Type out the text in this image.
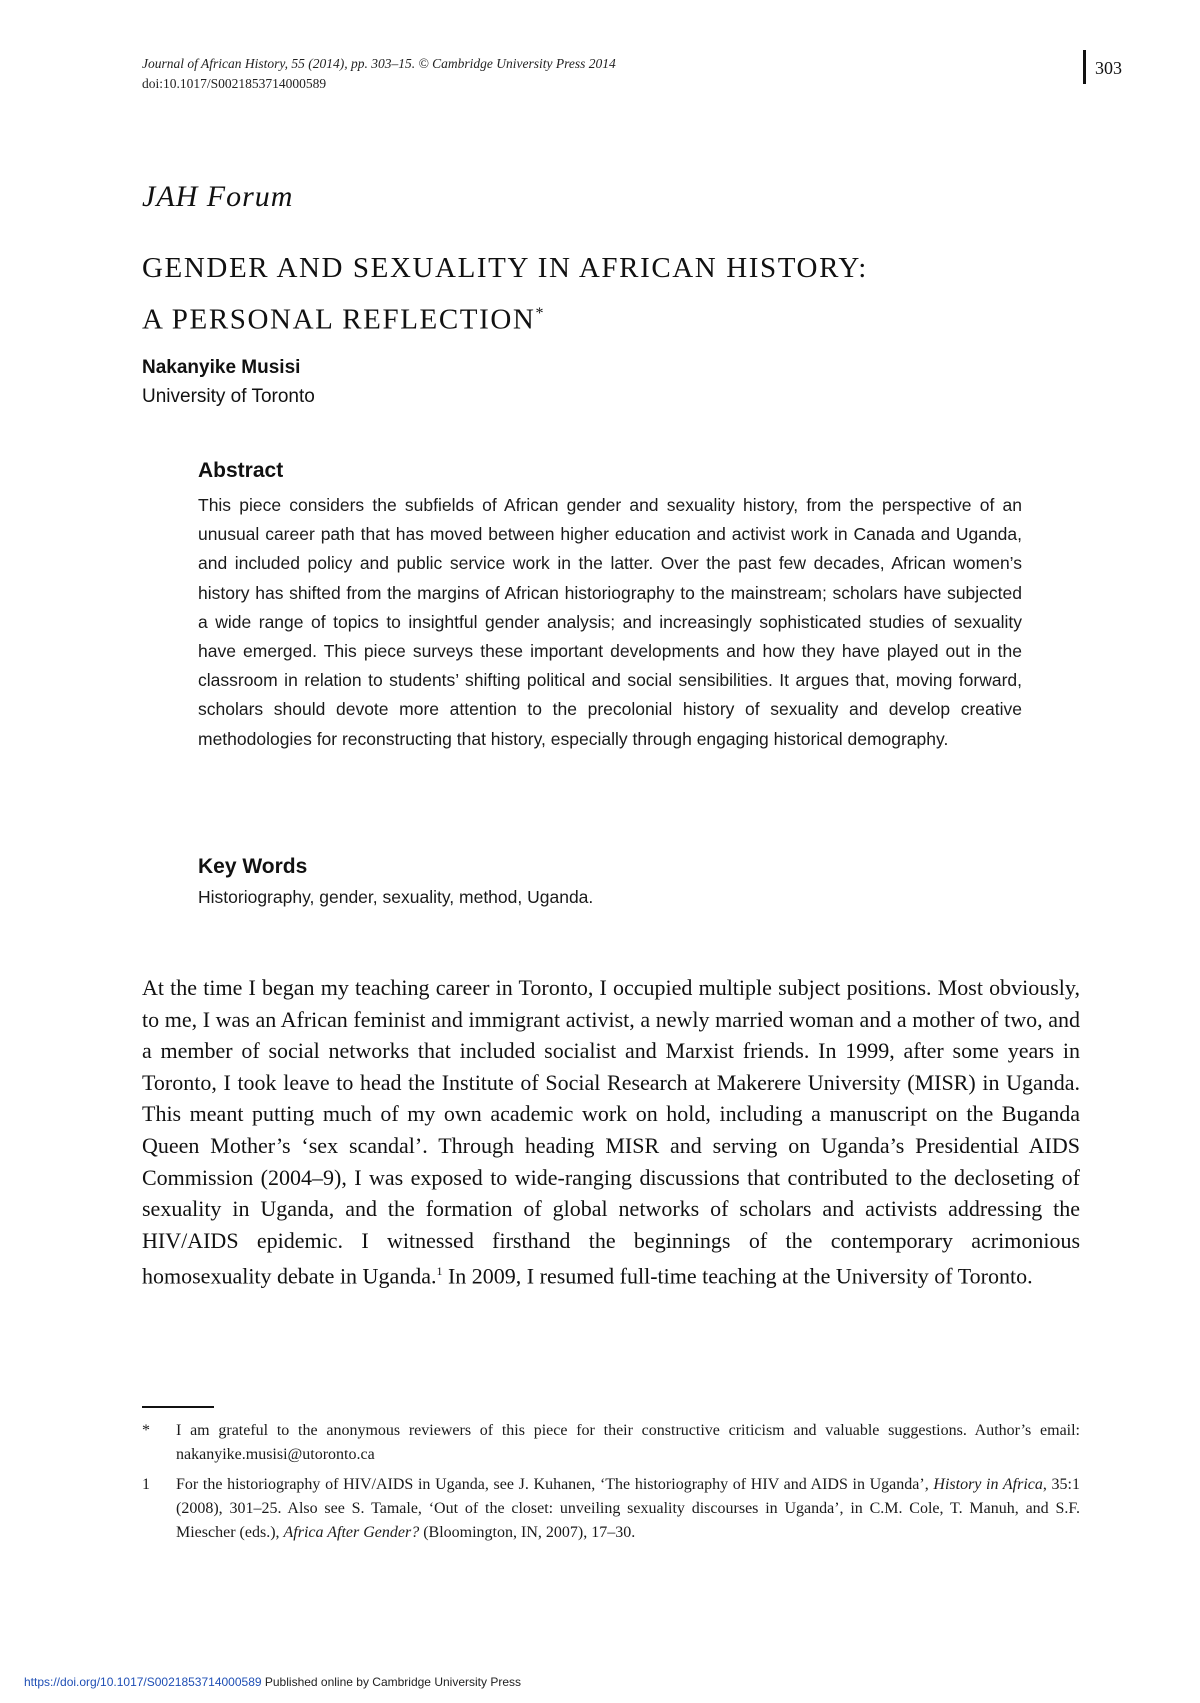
Journal of African History, 55 (2014), pp. 303–15. © Cambridge University Press 2014
doi:10.1017/S0021853714000589
303
JAH Forum
GENDER AND SEXUALITY IN AFRICAN HISTORY:
A PERSONAL REFLECTION*
Nakanyike Musisi
University of Toronto
Abstract

This piece considers the subfields of African gender and sexuality history, from the perspective of an unusual career path that has moved between higher education and activist work in Canada and Uganda, and included policy and public service work in the latter. Over the past few decades, African women’s history has shifted from the margins of African historiography to the mainstream; scholars have subjected a wide range of topics to insightful gender analysis; and increasingly sophisticated studies of sexuality have emerged. This piece surveys these important developments and how they have played out in the classroom in relation to students’ shifting political and social sensibilities. It argues that, moving forward, scholars should devote more attention to the precolonial history of sexuality and develop creative methodologies for reconstructing that history, especially through engaging historical demography.

Key Words
Historiography, gender, sexuality, method, Uganda.

At the time I began my teaching career in Toronto, I occupied multiple subject positions. Most obviously, to me, I was an African feminist and immigrant activist, a newly married woman and a mother of two, and a member of social networks that included socialist and Marxist friends. In 1999, after some years in Toronto, I took leave to head the Institute of Social Research at Makerere University (MISR) in Uganda. This meant putting much of my own academic work on hold, including a manuscript on the Buganda Queen Mother’s ‘sex scandal’. Through heading MISR and serving on Uganda’s Presidential AIDS Commission (2004–9), I was exposed to wide-ranging discussions that contributed to the decloseting of sexuality in Uganda, and the formation of global networks of scholars and activists addressing the HIV/AIDS epidemic. I witnessed firsthand the beginnings of the contemporary acrimonious homosexuality debate in Uganda.$^1$ In 2009, I resumed full-time teaching at the University of Toronto.

*	I am grateful to the anonymous reviewers of this piece for their constructive criticism and valuable suggestions. Author’s email: nakanyike.musisi@utoronto.ca
1	For the historiography of HIV/AIDS in Uganda, see J. Kuhanen, ‘The historiography of HIV and AIDS in Uganda’, History in Africa, 35:1 (2008), 301–25. Also see S. Tamale, ‘Out of the closet: unveiling sexuality discourses in Uganda’, in C.M. Cole, T. Manuh, and S.F. Miescher (eds.), Africa After Gender? (Bloomington, IN, 2007), 17–30.
https://doi.org/10.1017/S0021853714000589 Published online by Cambridge University Press
